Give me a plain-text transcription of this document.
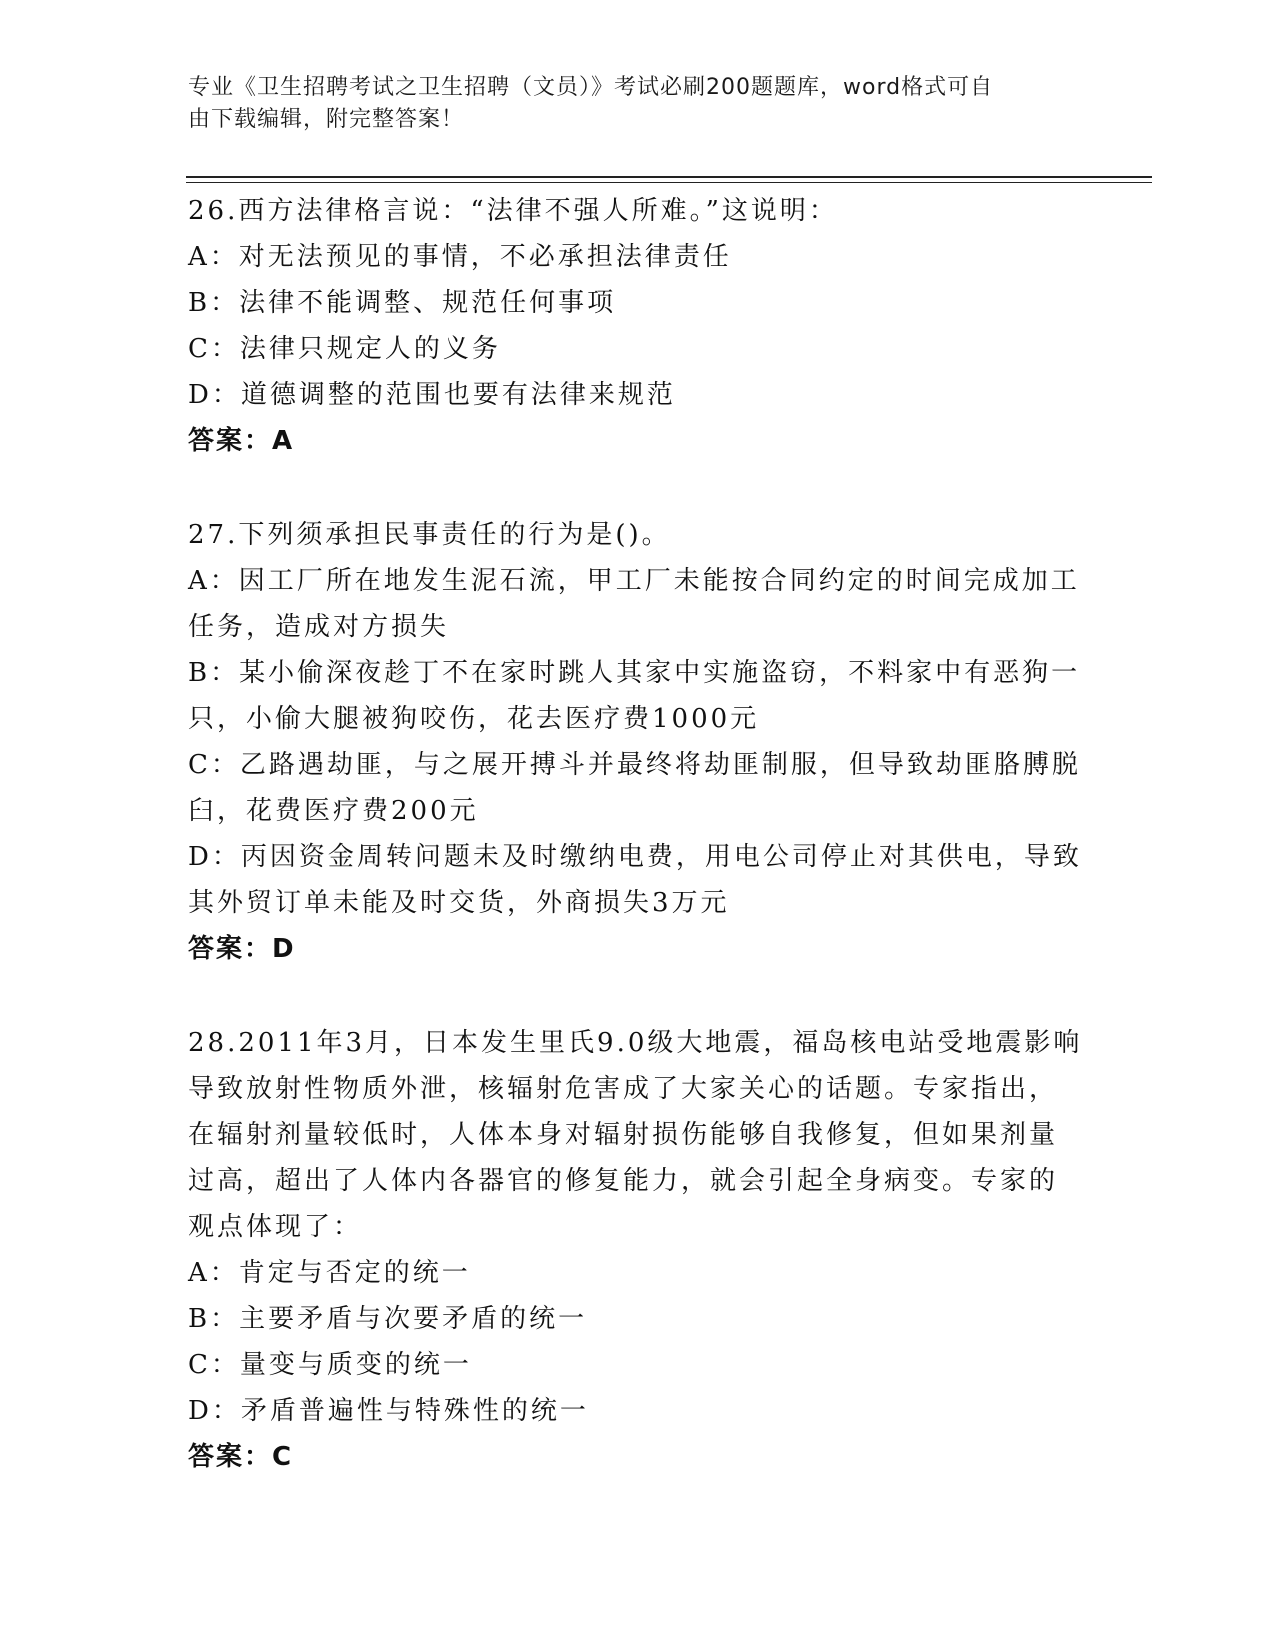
专业《卫生招聘考试之卫生招聘（文员）》考试必刷200题题库，word格式可自
由下载编辑，附完整答案！
26.西方法律格言说：“法律不强人所难。”这说明：
A：对无法预见的事情，不必承担法律责任
B：法律不能调整、规范任何事项
C：法律只规定人的义务
D：道德调整的范围也要有法律来规范
答案：A
27.下列须承担民事责任的行为是()。
A：因工厂所在地发生泥石流，甲工厂未能按合同约定的时间完成加工
任务，造成对方损失
B：某小偷深夜趁丁不在家时跳人其家中实施盗窃，不料家中有恶狗一
只，小偷大腿被狗咬伤，花去医疗费1000元
C：乙路遇劫匪，与之展开搏斗并最终将劫匪制服，但导致劫匪胳膊脱
臼，花费医疗费200元
D：丙因资金周转问题未及时缴纳电费，用电公司停止对其供电，导致
其外贸订单未能及时交货，外商损失3万元
答案：D
28.2011年3月，日本发生里氏9.0级大地震，福岛核电站受地震影响
导致放射性物质外泄，核辐射危害成了大家关心的话题。专家指出，
在辐射剂量较低时，人体本身对辐射损伤能够自我修复，但如果剂量
过高，超出了人体内各器官的修复能力，就会引起全身病变。专家的
观点体现了：
A：肯定与否定的统一
B：主要矛盾与次要矛盾的统一
C：量变与质变的统一
D：矛盾普遍性与特殊性的统一
答案：C
